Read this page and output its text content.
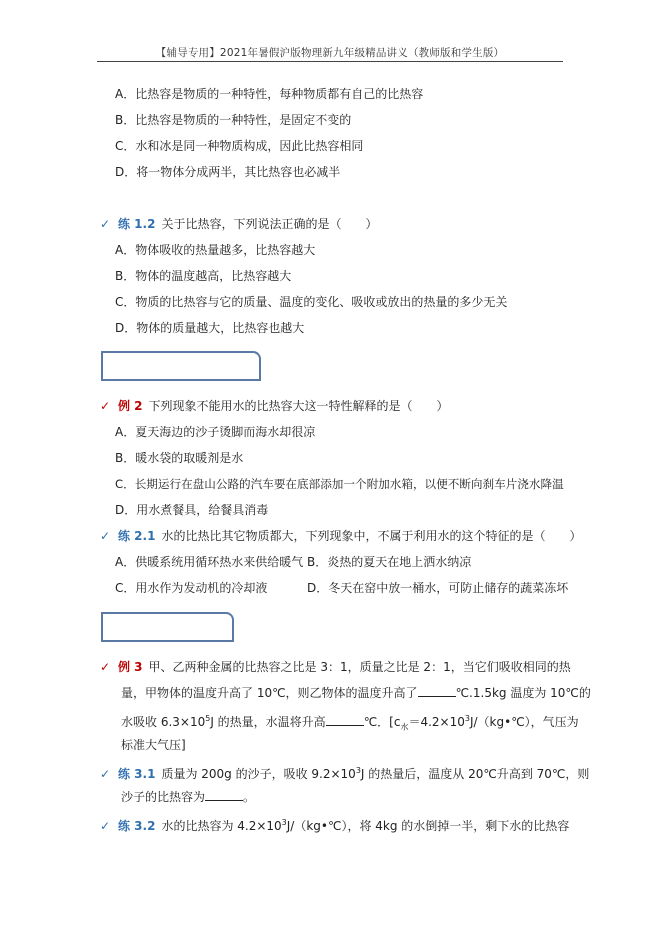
【辅导专用】2021年暑假沪版物理新九年级精品讲义（教师版和学生版）
A．比热容是物质的一种特性，每种物质都有自己的比热容
B．比热容是物质的一种特性，是固定不变的
C．水和冰是同一种物质构成，因此比热容相同
D．将一物体分成两半，其比热容也必减半
✓ 练 1.2 关于比热容，下列说法正确的是（　　）
A．物体吸收的热量越多，比热容越大
B．物体的温度越高，比热容越大
C．物质的比热容与它的质量、温度的变化、吸收或放出的热量的多少无关
D．物体的质量越大，比热容也越大
✓ 例 2 下列现象不能用水的比热容大这一特性解释的是（　　）
A．夏天海边的沙子烫脚而海水却很凉
B．暖水袋的取暖剂是水
C．长期运行在盘山公路的汽车要在底部添加一个附加水箱，以便不断向刹车片浇水降温
D．用水煮餐具，给餐具消毒
✓ 练 2.1 水的比热比其它物质都大，下列现象中，不属于利用水的这个特征的是（　　）
A．供暖系统用循环热水来供给暖气 B．炎热的夏天在地上洒水纳凉
C．用水作为发动机的冷却液	D．冬天在窑中放一桶水，可防止储存的蔬菜冻坏
✓ 例 3 甲、乙两种金属的比热容之比是 3：1，质量之比是 2：1，当它们吸收相同的热
量，甲物体的温度升高了 10℃，则乙物体的温度升高了	℃.1.5kg 温度为 10℃的
水吸收 $6.3\times 10^5J$ 的热量，水温将升高	℃．[$c_水=4.2\times 10^3J/(kg•℃)$，气压为
标准大气压]
✓ 练 3.1 质量为 200g 的沙子，吸收 $9.2\times 10^3J$ 的热量后，温度从 20℃升高到 70℃，则
沙子的比热容为	。
✓ 练 3.2 水的比热容为 $4.2\times 10^3J/(kg•℃)$，将 4kg 的水倒掉一半，剩下水的比热容
